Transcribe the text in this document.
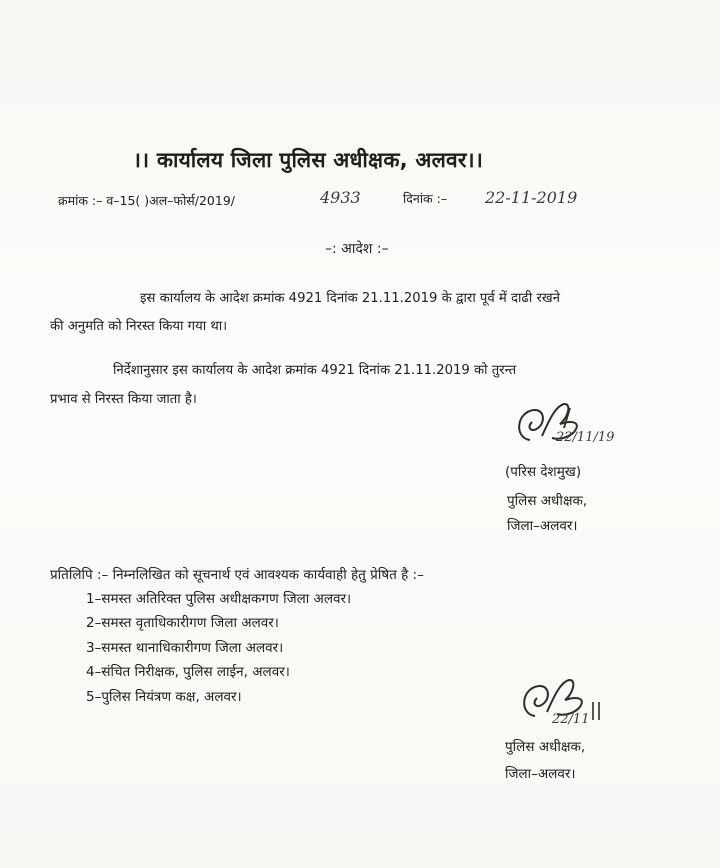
।। कार्यालय जिला पुलिस अधीक्षक, अलवर।।
क्रमांक :– व–15( )अल–फोर्स/2019/	4933	दिनांक :– 22-11-2019
–: आदेश :–
इस कार्यालय के आदेश क्रमांक 4921 दिनांक 21.11.2019 के द्वारा पूर्व में दाढी रखने
की अनुमति को निरस्त किया गया था।
निर्देशानुसार इस कार्यालय के आदेश क्रमांक 4921 दिनांक 21.11.2019 को तुरन्त
प्रभाव से निरस्त किया जाता है।
22/11/19
(परिस देशमुख)
पुलिस अधीक्षक,
जिला–अलवर।
प्रतिलिपि :– निम्नलिखित को सूचनार्थ एवं आवश्यक कार्यवाही हेतु प्रेषित है :–
1–समस्त अतिरिक्त पुलिस अधीक्षकगण जिला अलवर।
2–समस्त वृताधिकारीगण जिला अलवर।
3–समस्त थानाधिकारीगण जिला अलवर।
4–संचित निरीक्षक, पुलिस लाईन, अलवर।
5–पुलिस नियंत्रण कक्ष, अलवर।
22/11
पुलिस अधीक्षक,
जिला–अलवर।
